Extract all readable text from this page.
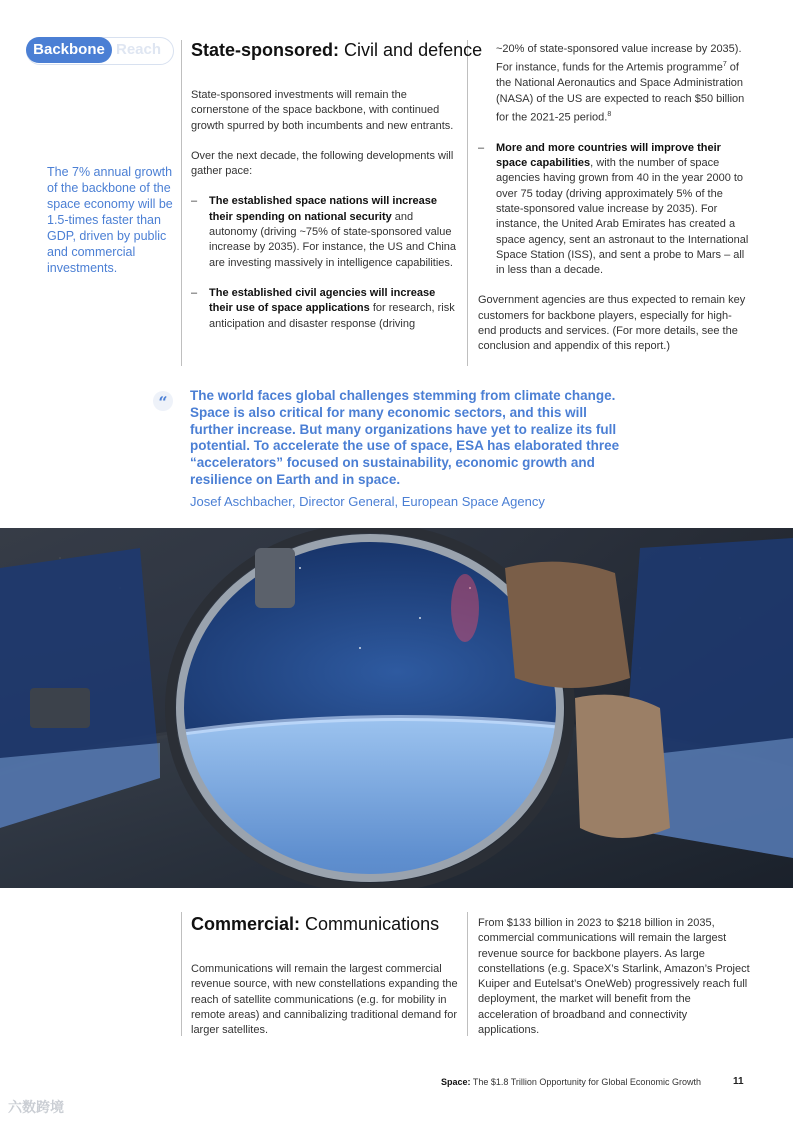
Backbone Reach
The 7% annual growth of the backbone of the space economy will be 1.5-times faster than GDP, driven by public and commercial investments.
State-sponsored: Civil and defence

State-sponsored investments will remain the cornerstone of the space backbone, with continued growth spurred by both incumbents and new entrants.

Over the next decade, the following developments will gather pace:

– The established space nations will increase their spending on national security and autonomy (driving ~75% of state-sponsored value increase by 2035). For instance, the US and China are investing massively in intelligence capabilities.
– The established civil agencies will increase their use of space applications for research, risk anticipation and disaster response (driving
~20% of state-sponsored value increase by 2035). For instance, funds for the Artemis programme$^7$ of the National Aeronautics and Space Administration (NASA) of the US are expected to reach $50 billion for the 2021-25 period.$^8$
– More and more countries will improve their space capabilities, with the number of space agencies having grown from 40 in the year 2000 to over 75 today (driving approximately 5% of the state-sponsored value increase by 2035). For instance, the United Arab Emirates has created a space agency, sent an astronaut to the International Space Station (ISS), and sent a probe to Mars – all in less than a decade.

Government agencies are thus expected to remain key customers for backbone players, especially for high-end products and services. (For more details, see the conclusion and appendix of this report.)

“	The world faces global challenges stemming from climate change. Space is also critical for many economic sectors, and this will further increase. But many organizations have yet to realize its full potential. To accelerate the use of space, ESA has elaborated three “accelerators” focused on sustainability, economic growth and resilience on Earth and in space.
Josef Aschbacher, Director General, European Space Agency
Commercial: Communications

Communications will remain the largest commercial revenue source, with new constellations expanding the reach of satellite communications (e.g. for mobility in remote areas) and cannibalizing traditional demand for larger satellites.

From $133 billion in 2023 to $218 billion in 2035, commercial communications will remain the largest revenue source for backbone players. As large constellations (e.g. SpaceX’s Starlink, Amazon’s Project Kuiper and Eutelsat’s OneWeb) progressively reach full deployment, the market will benefit from the acceleration of broadband and connectivity applications.

Space: The $1.8 Trillion Opportunity for Global Economic Growth	11
六数跨境
